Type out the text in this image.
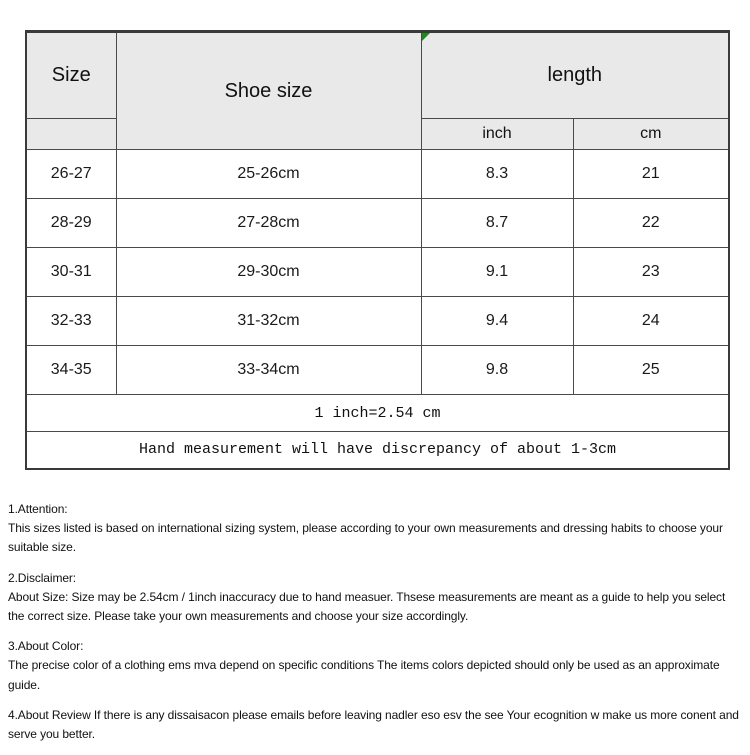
Size	Shoe size	length	
		inch	cm
26-27	25-26cm	8.3	21
28-29	27-28cm	8.7	22
30-31	29-30cm	9.1	23
32-33	31-32cm	9.4	24
34-35	33-34cm	9.8	25
1 inch=2.54 cm			
Hand measurement will have discrepancy of about 1-3cm			
1.Attention:
This sizes listed is based on international sizing system, please according to your own measurements and dressing habits to choose your suitable size.
2.Disclaimer:
About Size: Size may be 2.54cm / 1inch inaccuracy due to hand measuer. Thsese measurements are meant as a guide to help you select the correct size. Please take your own measurements and choose your size accordingly.
3.About Color:
The precise color of a clothing ems mva depend on specific conditions The items colors depicted should only be used as an approximate guide.
4.About Review If there is any dissaisacon please emails before leaving nadler eso esv the see Your ecognition w make us more conent and serve you better.
